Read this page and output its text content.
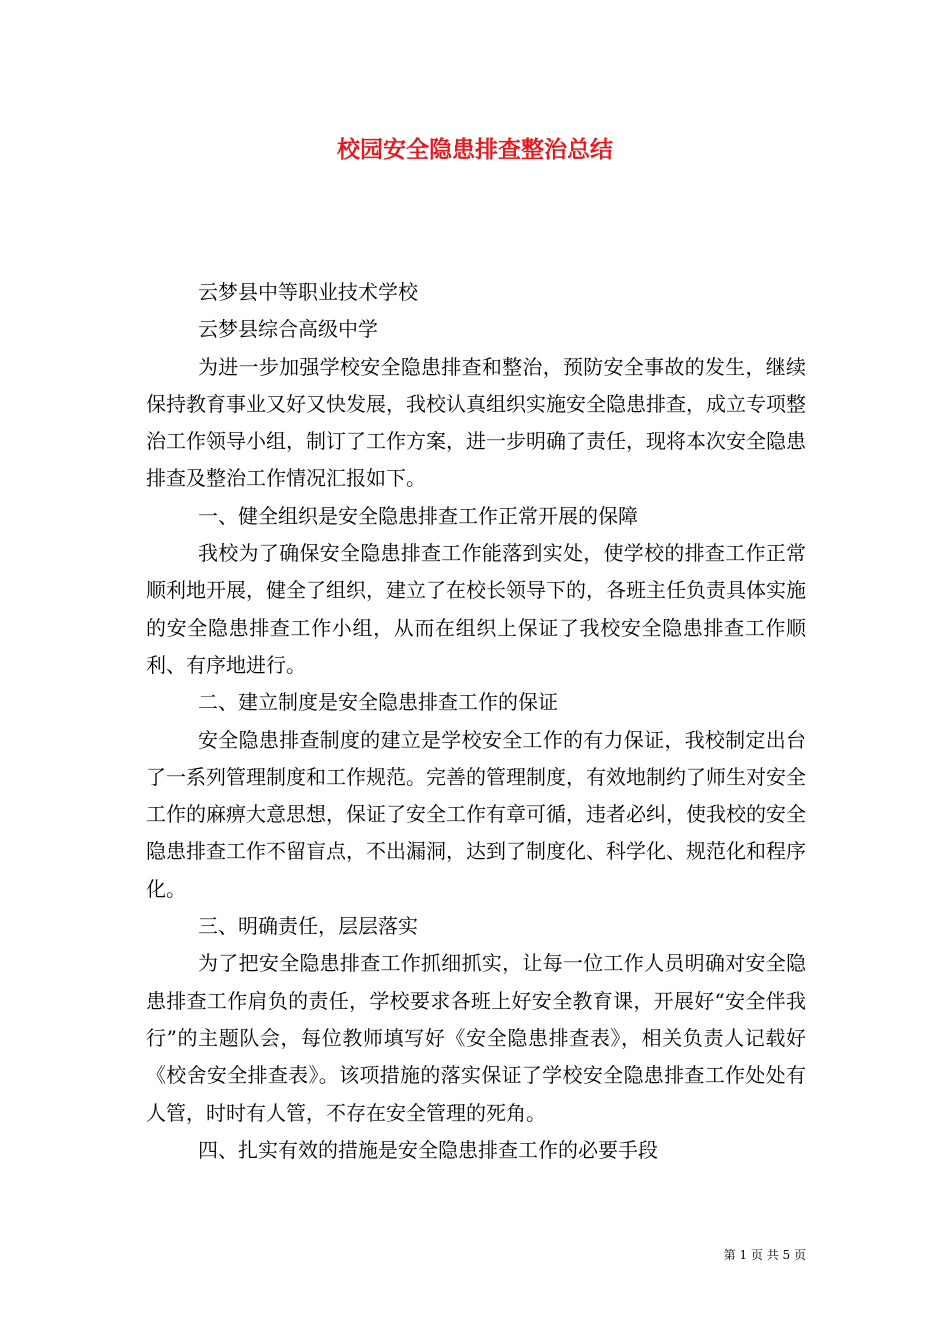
校园安全隐患排查整治总结

云梦县中等职业技术学校

云梦县综合高级中学

为进一步加强学校安全隐患排查和整治，预防安全事故的发生，继续保持教育事业又好又快发展，我校认真组织实施安全隐患排查，成立专项整治工作领导小组，制订了工作方案，进一步明确了责任，现将本次安全隐患排查及整治工作情况汇报如下。

一、健全组织是安全隐患排查工作正常开展的保障

我校为了确保安全隐患排查工作能落到实处，使学校的排查工作正常顺利地开展，健全了组织，建立了在校长领导下的，各班主任负责具体实施的安全隐患排查工作小组，从而在组织上保证了我校安全隐患排查工作顺利、有序地进行。

二、建立制度是安全隐患排查工作的保证

安全隐患排查制度的建立是学校安全工作的有力保证，我校制定出台了一系列管理制度和工作规范。完善的管理制度，有效地制约了师生对安全工作的麻痹大意思想，保证了安全工作有章可循，违者必纠，使我校的安全隐患排查工作不留盲点，不出漏洞，达到了制度化、科学化、规范化和程序化。

三、明确责任，层层落实

为了把安全隐患排查工作抓细抓实，让每一位工作人员明确对安全隐患排查工作肩负的责任，学校要求各班上好安全教育课，开展好“安全伴我行”的主题队会，每位教师填写好《安全隐患排查表》，相关负责人记载好《校舍安全排查表》。该项措施的落实保证了学校安全隐患排查工作处处有人管，时时有人管，不存在安全管理的死角。

四、扎实有效的措施是安全隐患排查工作的必要手段

第 1 页 共 5 页
